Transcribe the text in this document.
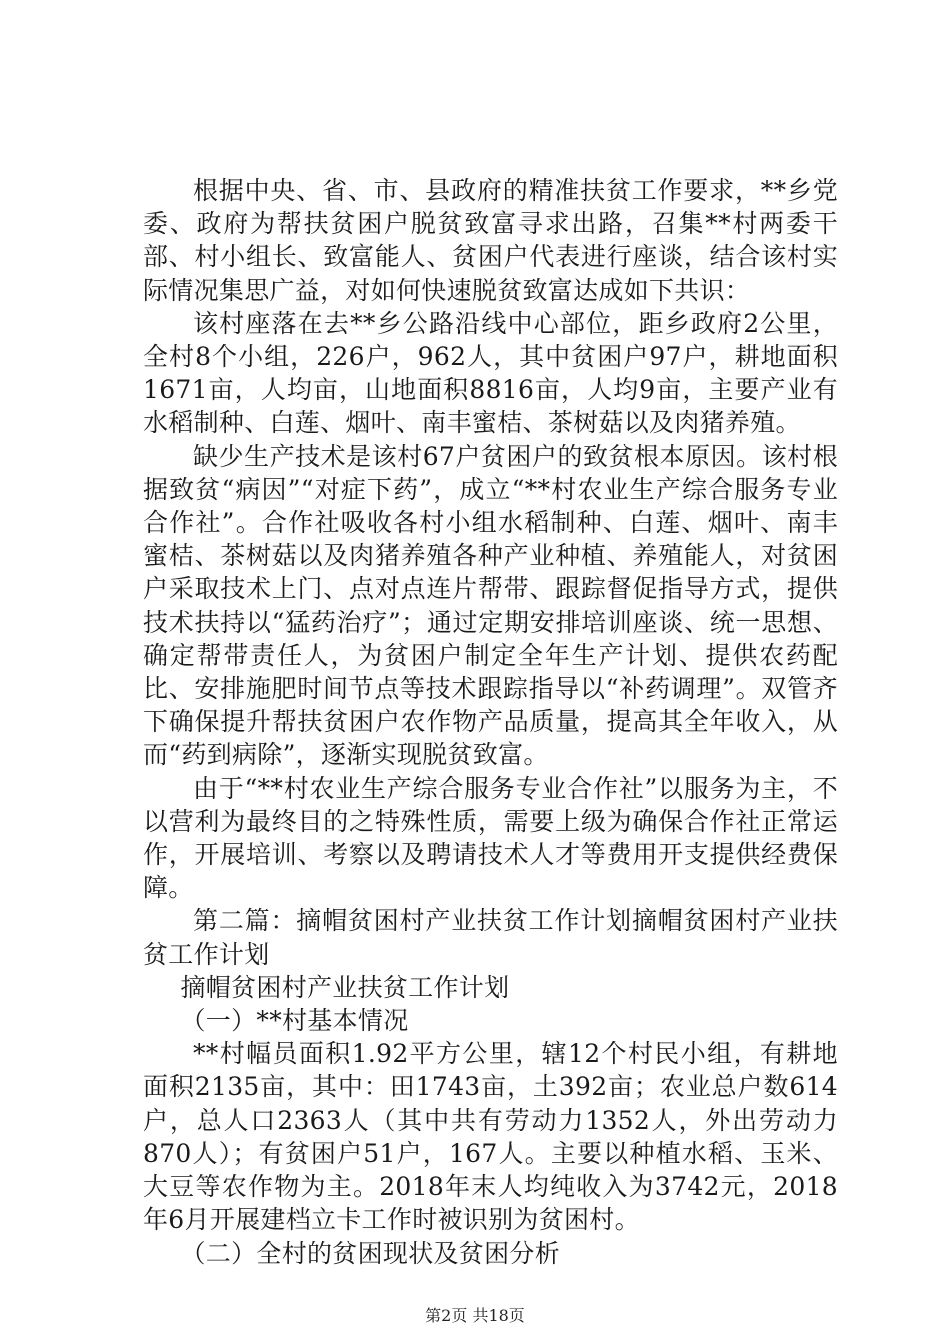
根据中央、省、市、县政府的精准扶贫工作要求，**乡党委、政府为帮扶贫困户脱贫致富寻求出路，召集**村两委干部、村小组长、致富能人、贫困户代表进行座谈，结合该村实际情况集思广益，对如何快速脱贫致富达成如下共识：

该村座落在去**乡公路沿线中心部位，距乡政府2公里，全村8个小组，226户，962人，其中贫困户97户，耕地面积1671亩，人均亩，山地面积8816亩，人均9亩，主要产业有水稻制种、白莲、烟叶、南丰蜜桔、茶树菇以及肉猪养殖。

缺少生产技术是该村67户贫困户的致贫根本原因。该村根据致贫“病因”“对症下药”，成立“**村农业生产综合服务专业合作社”。合作社吸收各村小组水稻制种、白莲、烟叶、南丰蜜桔、茶树菇以及肉猪养殖各种产业种植、养殖能人，对贫困户采取技术上门、点对点连片帮带、跟踪督促指导方式，提供技术扶持以“猛药治疗”；通过定期安排培训座谈、统一思想、确定帮带责任人，为贫困户制定全年生产计划、提供农药配比、安排施肥时间节点等技术跟踪指导以“补药调理”。双管齐下确保提升帮扶贫困户农作物产品质量，提高其全年收入，从而“药到病除”，逐渐实现脱贫致富。

由于“**村农业生产综合服务专业合作社”以服务为主，不以营利为最终目的之特殊性质，需要上级为确保合作社正常运作，开展培训、考察以及聘请技术人才等费用开支提供经费保障。

第二篇：摘帽贫困村产业扶贫工作计划摘帽贫困村产业扶贫工作计划

摘帽贫困村产业扶贫工作计划

（一）**村基本情况

**村幅员面积1.92平方公里，辖12个村民小组，有耕地面积2135亩，其中：田1743亩，土392亩；农业总户数614户，总人口2363人（其中共有劳动力1352人，外出劳动力870人）；有贫困户51户，167人。主要以种植水稻、玉米、大豆等农作物为主。2018年末人均纯收入为3742元，2018年6月开展建档立卡工作时被识别为贫困村。

（二）全村的贫困现状及贫困分析

第2页 共18页
